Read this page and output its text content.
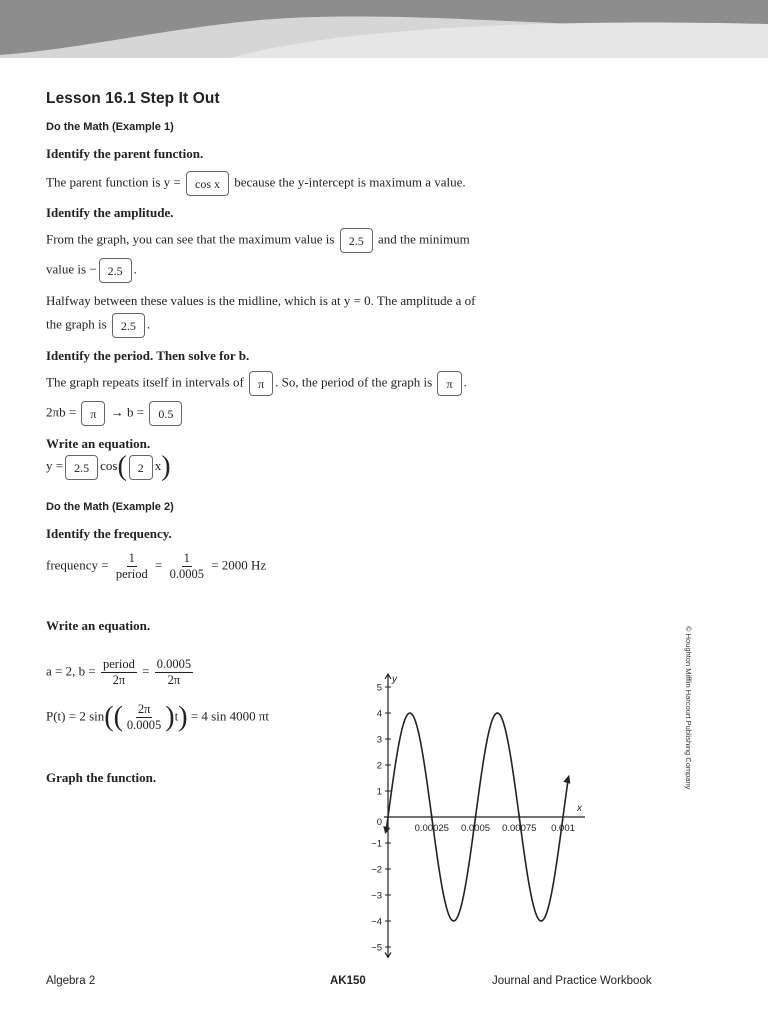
Lesson 16.1 Step It Out
Do the Math (Example 1)
Identify the parent function.
The parent function is y = cos x because the y-intercept is maximum a value.
Identify the amplitude.
From the graph, you can see that the maximum value is 2.5 and the minimum
value is − 2.5 .
Halfway between these values is the midline, which is at y = 0. The amplitude a of
the graph is 2.5 .
Identify the period. Then solve for b.
The graph repeats itself in intervals of π . So, the period of the graph is π .
2πb = π → b = 0.5
Write an equation.
y = 2.5 cos( 2 x)
Do the Math (Example 2)
Identify the frequency.
frequency = $\frac{1}{\text{period}} = \frac{1}{0.0005} = 2000$ Hz
Write an equation.
a = 2, $b = \frac{\text{period}}{2\pi} = \frac{0.0005}{2\pi}$
P(t) = 2 $\sin(( \frac{2\pi}{0.0005} )t) = 4$ sin 4000 πt
Graph the function.
x
y
5
4
3
2
1
0
−1
−2
−3
−4
−5
0.00025 0.0005 0.00075 0.001
© Houghton Mifflin Harcourt Publishing Company
Algebra 2	AK150	Journal and Practice Workbook
